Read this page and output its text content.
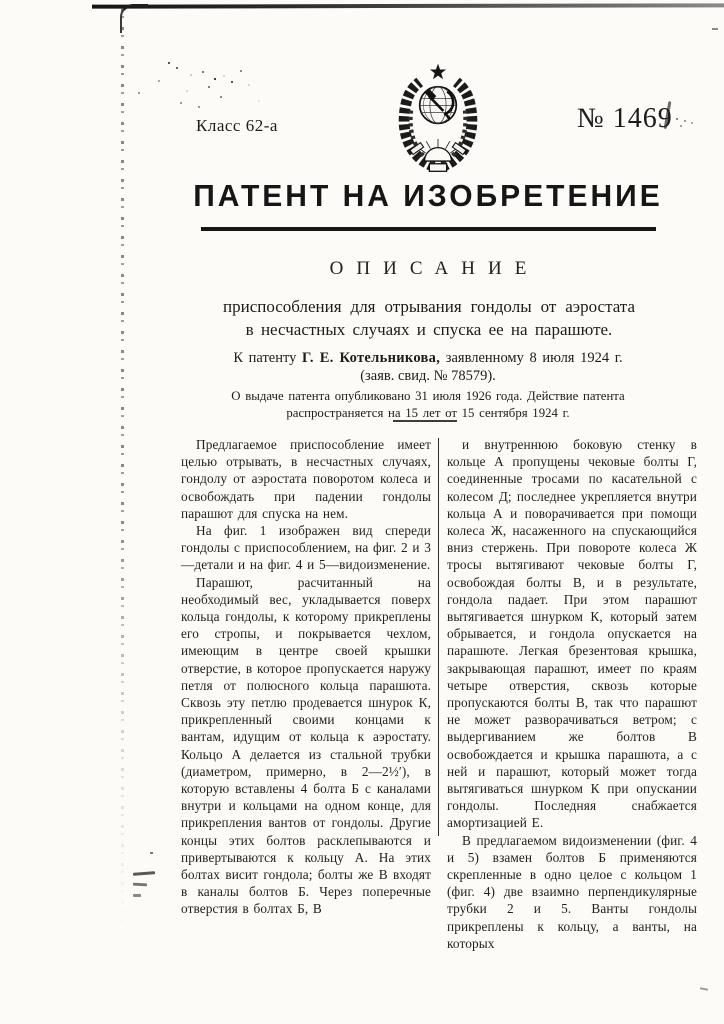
Класс 62-а	№ 1469
ПАТЕНТ НА ИЗОБРЕТЕНИЕ
ОПИСАНИЕ
приспособления для отрывания гондолы от аэростата в несчастных случаях и спуска ее на парашюте.
К патенту Г. Е. Котельникова, заявленному 8 июля 1924 г.
(заяв. свид. № 78579).
О выдаче патента опубликовано 31 июля 1926 года. Действие патента распространяется на 15 лет от 15 сентября 1924 г.

Предлагаемое приспособление имеет целью отрывать, в несчастных случаях, гондолу от аэростата поворотом колеса и освобождать при падении гондолы парашют для спуска на нем.

На фиг. 1 изображен вид спереди гондолы с приспособлением, на фиг. 2 и 3—детали и на фиг. 4 и 5—видоизменение.

Парашют, расчитанный на необходимый вес, укладывается поверх кольца гондолы, к которому прикреплены его стропы, и покрывается чехлом, имеющим в центре своей крышки отверстие, в которое пропускается наружу петля от полюсного кольца парашюта. Сквозь эту петлю продевается шнурок К, прикрепленный своими концами к вантам, идущим от кольца к аэростату. Кольцо А делается из стальной трубки (диаметром, примерно, в 2—2½′), в которую вставлены 4 болта Б с каналами внутри и кольцами на одном конце, для прикрепления вантов от гондолы. Другие концы этих болтов расклепываются и привертываются к кольцу А. На этих болтах висит гондола; болты же В входят в каналы болтов Б. Через поперечные отверстия в болтах Б, В

и внутреннюю боковую стенку в кольце А пропущены чековые болты Г, соединенные тросами по касательной с колесом Д; последнее укрепляется внутри кольца А и поворачивается при помощи колеса Ж, насаженного на спускающийся вниз стержень. При повороте колеса Ж тросы вытягивают чековые болты Г, освобождая болты В, и в результате, гондола падает. При этом парашют вытягивается шнурком К, который затем обрывается, и гондола опускается на парашюте. Легкая брезентовая крышка, закрывающая парашют, имеет по краям четыре отверстия, сквозь которые пропускаются болты В, так что парашют не может разворачиваться ветром; с выдергиванием же болтов В освобождается и крышка парашюта, а с ней и парашют, который может тогда вытягиваться шнурком К при опускании гондолы. Последняя снабжается амортизацией Е.

В предлагаемом видоизменении (фиг. 4 и 5) взамен болтов Б применяются скрепленные в одно целое с кольцом 1 (фиг. 4) две взаимно перпендикулярные трубки 2 и 5. Ванты гондолы прикреплены к кольцу, а ванты, на которых
